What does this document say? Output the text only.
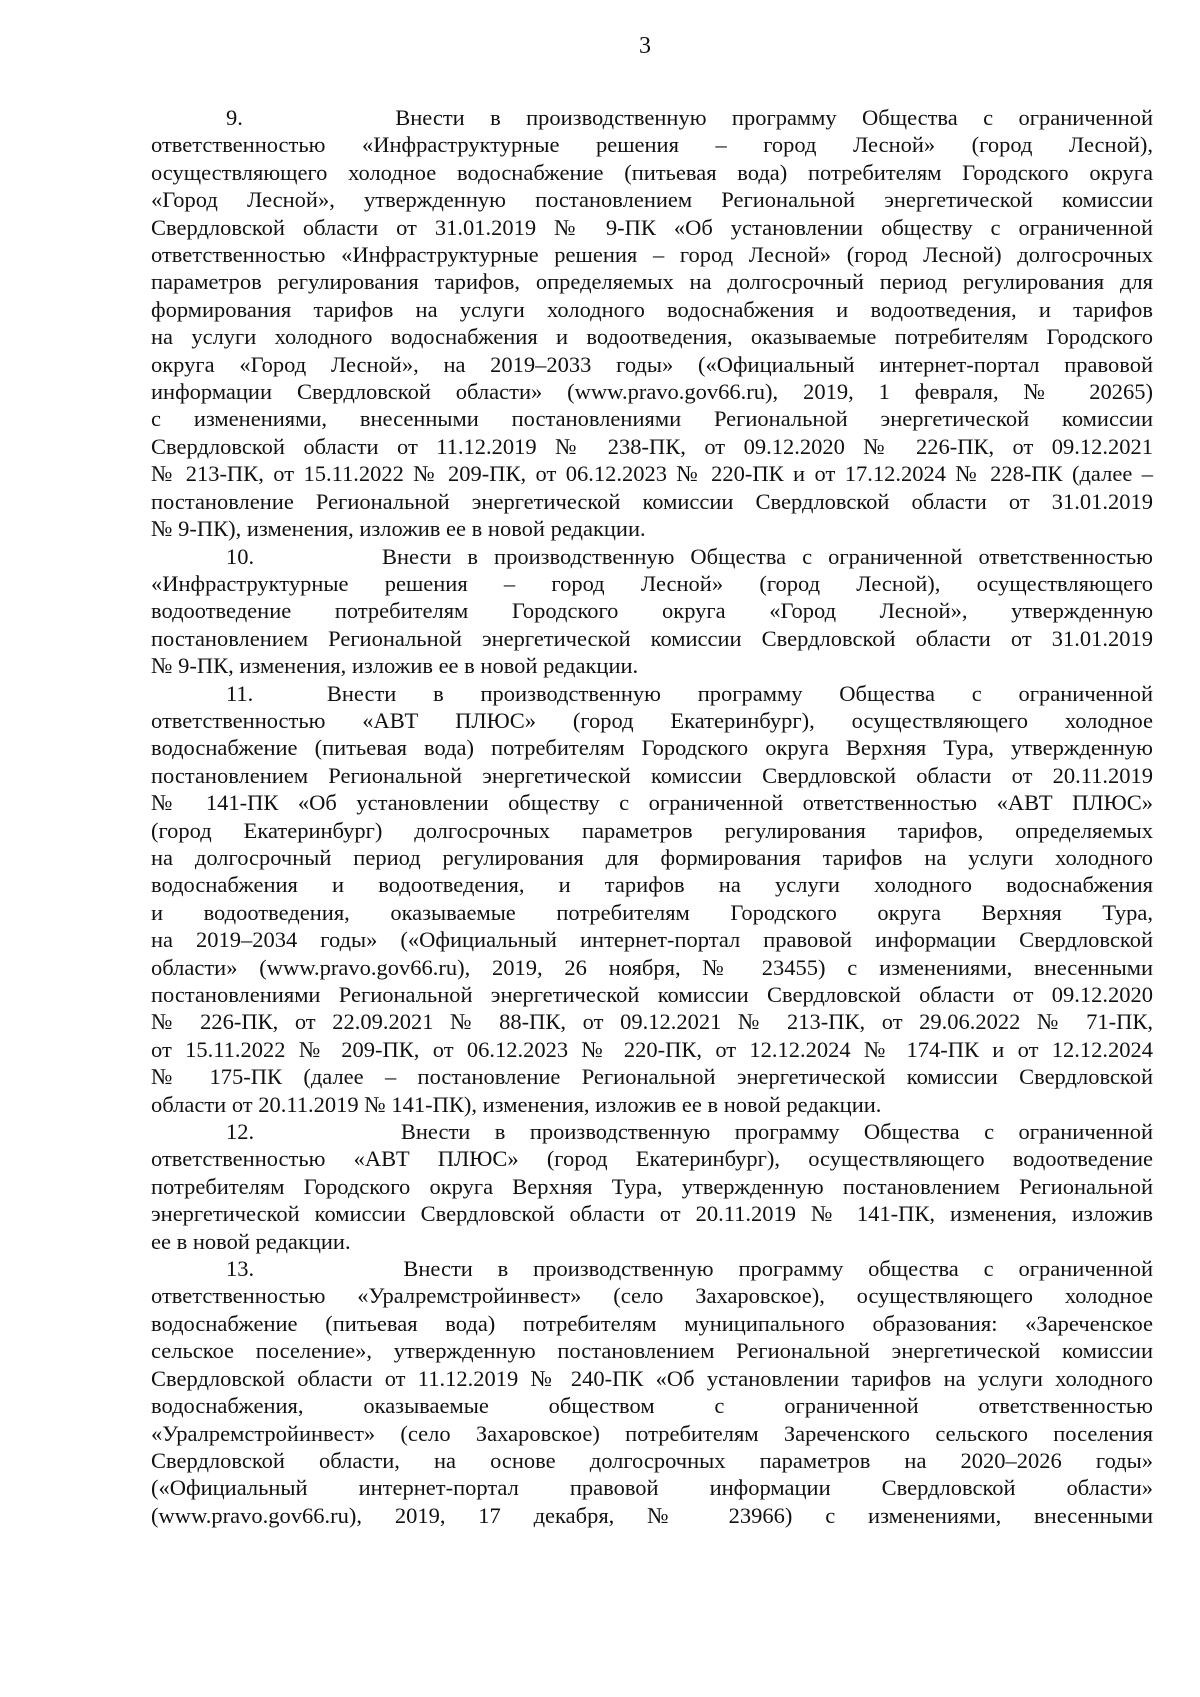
3
9.      Внести в производственную программу Общества с ограниченной
ответственностью «Инфраструктурные решения – город Лесной» (город Лесной),
осуществляющего холодное водоснабжение (питьевая вода) потребителям Городского округа
«Город Лесной», утвержденную постановлением Региональной энергетической комиссии
Свердловской области от 31.01.2019 № 9-ПК «Об установлении обществу с ограниченной
ответственностью «Инфраструктурные решения – город Лесной» (город Лесной) долгосрочных
параметров регулирования тарифов, определяемых на долгосрочный период регулирования для
формирования тарифов на услуги холодного водоснабжения и водоотведения, и тарифов
на услуги холодного водоснабжения и водоотведения, оказываемые потребителям Городского
округа «Город Лесной», на 2019–2033 годы» («Официальный интернет-портал правовой
информации Свердловской области» (www.pravo.gov66.ru), 2019, 1 февраля, № 20265)
с изменениями, внесенными постановлениями Региональной энергетической комиссии
Свердловской области от 11.12.2019 № 238-ПК, от 09.12.2020 № 226-ПК, от 09.12.2021
№ 213-ПК, от 15.11.2022 № 209-ПК, от 06.12.2023 № 220-ПК и от 17.12.2024 № 228-ПК (далее –
постановление Региональной энергетической комиссии Свердловской области от 31.01.2019
№ 9-ПК), изменения, изложив ее в новой редакции.
10.        Внести в производственную Общества с ограниченной ответственностью
«Инфраструктурные решения – город Лесной» (город Лесной), осуществляющего
водоотведение потребителям Городского округа «Город Лесной», утвержденную
постановлением Региональной энергетической комиссии Свердловской области от 31.01.2019
№ 9-ПК, изменения, изложив ее в новой редакции.
11.  Внести в производственную программу Общества с ограниченной
ответственностью «АВТ ПЛЮС» (город Екатеринбург), осуществляющего холодное
водоснабжение (питьевая вода) потребителям Городского округа Верхняя Тура, утвержденную
постановлением Региональной энергетической комиссии Свердловской области от 20.11.2019
№ 141-ПК «Об установлении обществу с ограниченной ответственностью «АВТ ПЛЮС»
(город Екатеринбург) долгосрочных параметров регулирования тарифов, определяемых
на долгосрочный период регулирования для формирования тарифов на услуги холодного
водоснабжения и водоотведения, и тарифов на услуги холодного водоснабжения
и водоотведения, оказываемые потребителям Городского округа Верхняя Тура,
на 2019–2034 годы» («Официальный интернет-портал правовой информации Свердловской
области» (www.pravo.gov66.ru), 2019, 26 ноября, № 23455) с изменениями, внесенными
постановлениями Региональной энергетической комиссии Свердловской области от 09.12.2020
№ 226-ПК, от 22.09.2021 № 88-ПК, от 09.12.2021 № 213-ПК, от 29.06.2022 № 71-ПК,
от 15.11.2022 № 209-ПК, от 06.12.2023 № 220-ПК, от 12.12.2024 № 174-ПК и от 12.12.2024
№ 175-ПК (далее – постановление Региональной энергетической комиссии Свердловской
области от 20.11.2019 № 141-ПК), изменения, изложив ее в новой редакции.
12.      Внести в производственную программу Общества с ограниченной
ответственностью «АВТ ПЛЮС» (город Екатеринбург), осуществляющего водоотведение
потребителям Городского округа Верхняя Тура, утвержденную постановлением Региональной
энергетической комиссии Свердловской области от 20.11.2019 № 141-ПК, изменения, изложив
ее в новой редакции.
13.      Внести в производственную программу общества с ограниченной
ответственностью «Уралремстройинвест» (село Захаровское), осуществляющего холодное
водоснабжение (питьевая вода) потребителям муниципального образования: «Зареченское
сельское поселение», утвержденную постановлением Региональной энергетической комиссии
Свердловской области от 11.12.2019 № 240-ПК «Об установлении тарифов на услуги холодного
водоснабжения, оказываемые обществом с ограниченной ответственностью
«Уралремстройинвест» (село Захаровское) потребителям Зареченского сельского поселения
Свердловской области, на основе долгосрочных параметров на 2020–2026 годы»
(«Официальный интернет-портал правовой информации Свердловской области»
(www.pravo.gov66.ru), 2019, 17 декабря, № 23966) с изменениями, внесенными
